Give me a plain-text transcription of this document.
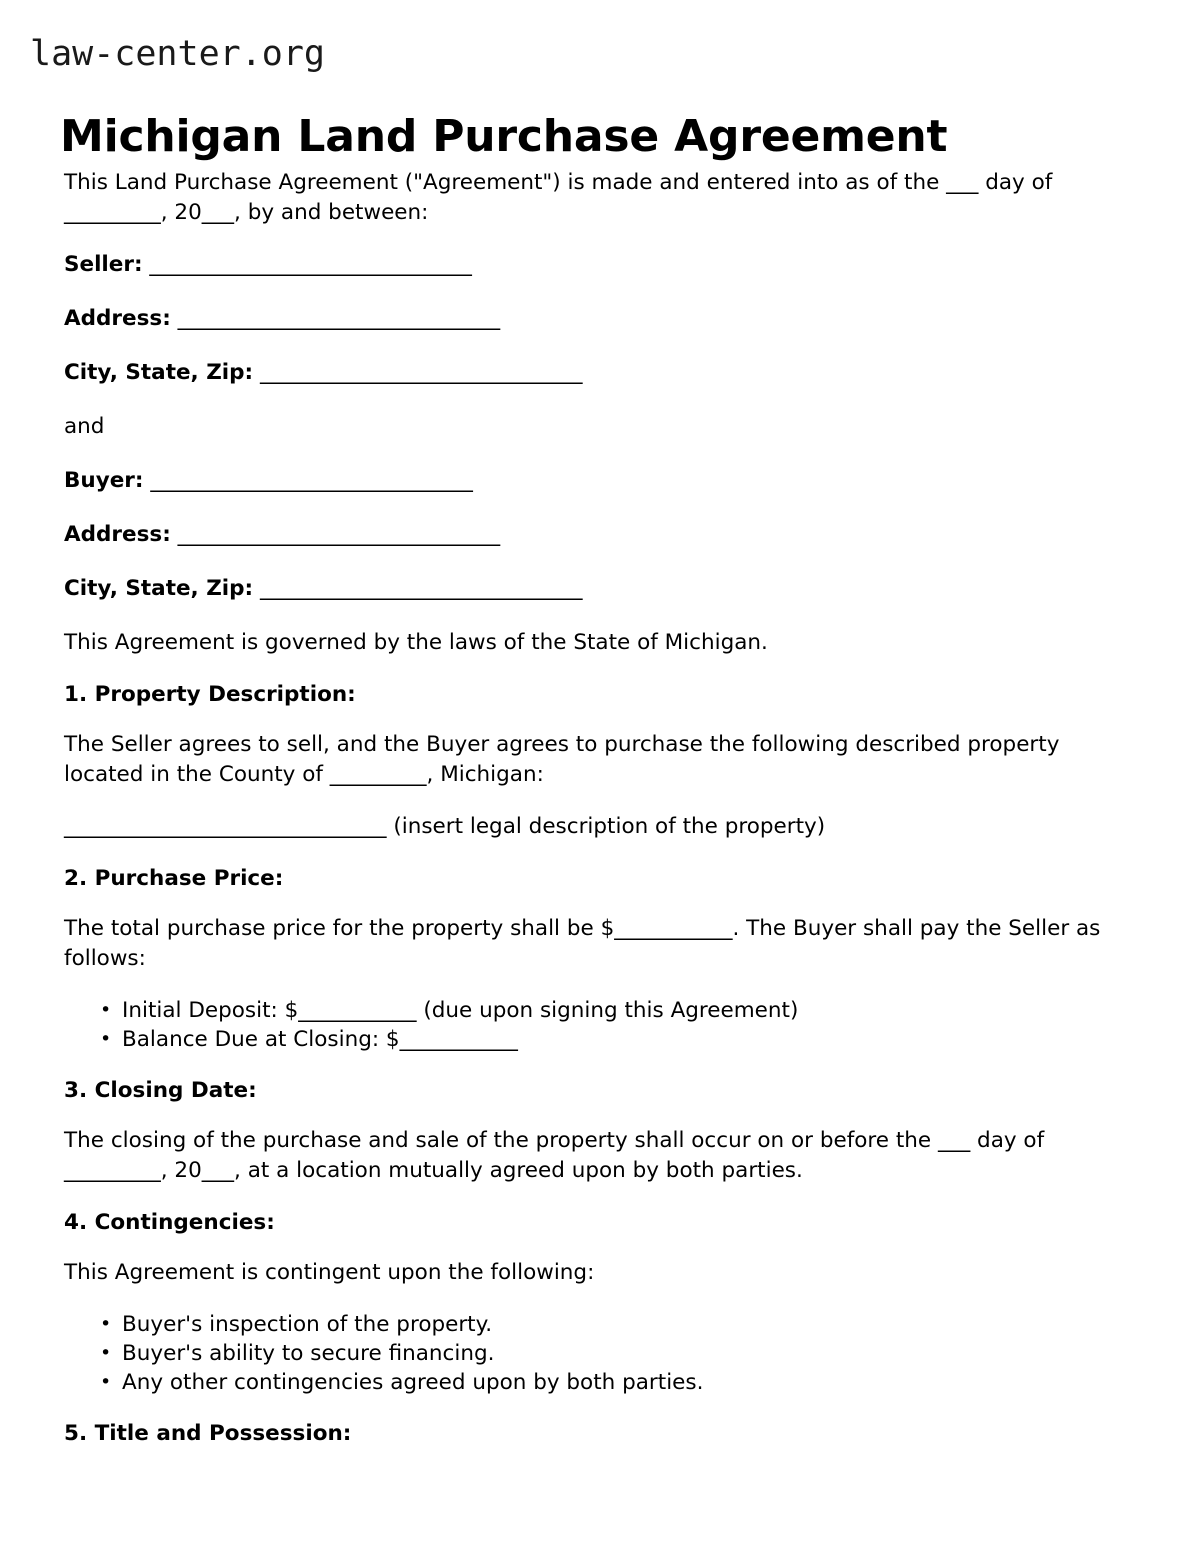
law-center.org
Michigan Land Purchase Agreement

This Land Purchase Agreement ("Agreement") is made and entered into as of the ___ day of _________, 20___, by and between:

Seller: ______________________________

Address: ______________________________

City, State, Zip: ______________________________

and

Buyer: ______________________________

Address: ______________________________

City, State, Zip: ______________________________

This Agreement is governed by the laws of the State of Michigan.

1. Property Description:

The Seller agrees to sell, and the Buyer agrees to purchase the following described property located in the County of _________, Michigan:

______________________________ (insert legal description of the property)

2. Purchase Price:

The total purchase price for the property shall be $___________. The Buyer shall pay the Seller as follows:

• Initial Deposit: $___________ (due upon signing this Agreement)
• Balance Due at Closing: $___________
3. Closing Date:

The closing of the purchase and sale of the property shall occur on or before the ___ day of _________, 20___, at a location mutually agreed upon by both parties.

4. Contingencies:

This Agreement is contingent upon the following:

• Buyer's inspection of the property.
• Buyer's ability to secure financing.
• Any other contingencies agreed upon by both parties.
5. Title and Possession:
